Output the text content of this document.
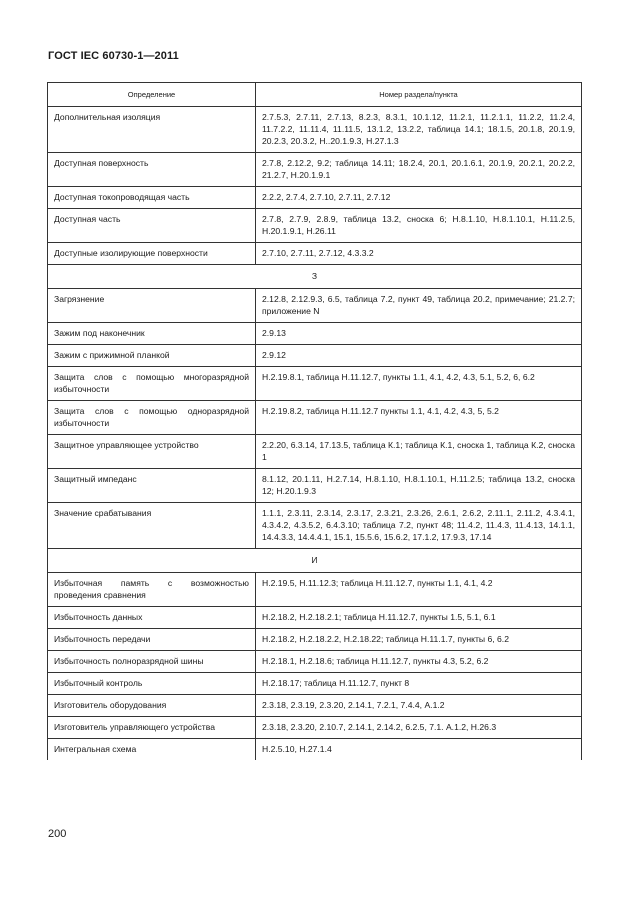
ГОСТ IEC 60730-1—2011
Определение	Номер раздела/пункта
Дополнительная изоляция	2.7.5.3, 2.7.11, 2.7.13, 8.2.3, 8.3.1, 10.1.12, 11.2.1, 11.2.1.1, 11.2.2, 11.2.4, 11.7.2.2, 11.11.4, 11.11.5, 13.1.2, 13.2.2, таблица 14.1; 18.1.5, 20.1.8, 20.1.9, 20.2.3, 20.3.2, Н..20.1.9.3, Н.27.1.3
Доступная поверхность	2.7.8, 2.12.2, 9.2; таблица 14.11; 18.2.4, 20.1, 20.1.6.1, 20.1.9, 20.2.1, 20.2.2, 21.2.7, Н.20.1.9.1
Доступная токопроводящая часть	2.2.2, 2.7.4, 2.7.10, 2.7.11, 2.7.12
Доступная часть	2.7.8, 2.7.9, 2.8.9, таблица 13.2, сноска 6; Н.8.1.10, Н.8.1.10.1, Н.11.2.5, Н.20.1.9.1, Н.26.11
Доступные изолирующие поверхности	2.7.10, 2.7.11, 2.7.12, 4.3.3.2
З	
Загрязнение	2.12.8, 2.12.9.3, 6.5, таблица 7.2, пункт 49, таблица 20.2, примечание; 21.2.7; приложение N
Зажим под наконечник	2.9.13
Зажим с прижимной планкой	2.9.12
Защита слов с помощью многоразрядной избыточности	Н.2.19.8.1, таблица Н.11.12.7, пункты 1.1, 4.1, 4.2, 4.3, 5.1, 5.2, 6, 6.2
Защита слов с помощью одноразрядной избыточности	Н.2.19.8.2, таблица Н.11.12.7 пункты 1.1, 4.1, 4.2, 4.3, 5, 5.2
Защитное управляющее устройство	2.2.20, 6.3.14, 17.13.5, таблица К.1; таблица К.1, сноска 1, таблица К.2, сноска 1
Защитный импеданс	8.1.12, 20.1.11, Н.2.7.14, Н.8.1.10, Н.8.1.10.1, Н.11.2.5; таблица 13.2, сноска 12; Н.20.1.9.3
Значение срабатывания	1.1.1, 2.3.11, 2.3.14, 2.3.17, 2.3.21, 2.3.26, 2.6.1, 2.6.2, 2.11.1, 2.11.2, 4.3.4.1, 4.3.4.2, 4.3.5.2, 6.4.3.10; таблица 7.2, пункт 48; 11.4.2, 11.4.3, 11.4.13, 14.1.1, 14.4.3.3, 14.4.4.1, 15.1, 15.5.6, 15.6.2, 17.1.2, 17.9.3, 17.14
И	
Избыточная память с возможностью проведения сравнения	Н.2.19.5, Н.11.12.3; таблица Н.11.12.7, пункты 1.1, 4.1, 4.2
Избыточность данных	Н.2.18.2, Н.2.18.2.1; таблица Н.11.12.7, пункты 1.5, 5.1, 6.1
Избыточность передачи	Н.2.18.2, Н.2.18.2.2, Н.2.18.22; таблица Н.11.1.7, пункты 6, 6.2
Избыточность полноразрядной шины	Н.2.18.1, Н.2.18.6; таблица Н.11.12.7, пункты 4.3, 5.2, 6.2
Избыточный контроль	Н.2.18.17; таблица Н.11.12.7, пункт 8
Изготовитель оборудования	2.3.18, 2.3.19, 2.3.20, 2.14.1, 7.2.1, 7.4.4, А.1.2
Изготовитель управляющего устройства	2.3.18, 2.3.20, 2.10.7, 2.14.1, 2.14.2, 6.2.5, 7.1. А.1.2, Н.26.3
Интегральная схема	Н.2.5.10, Н.27.1.4
200
